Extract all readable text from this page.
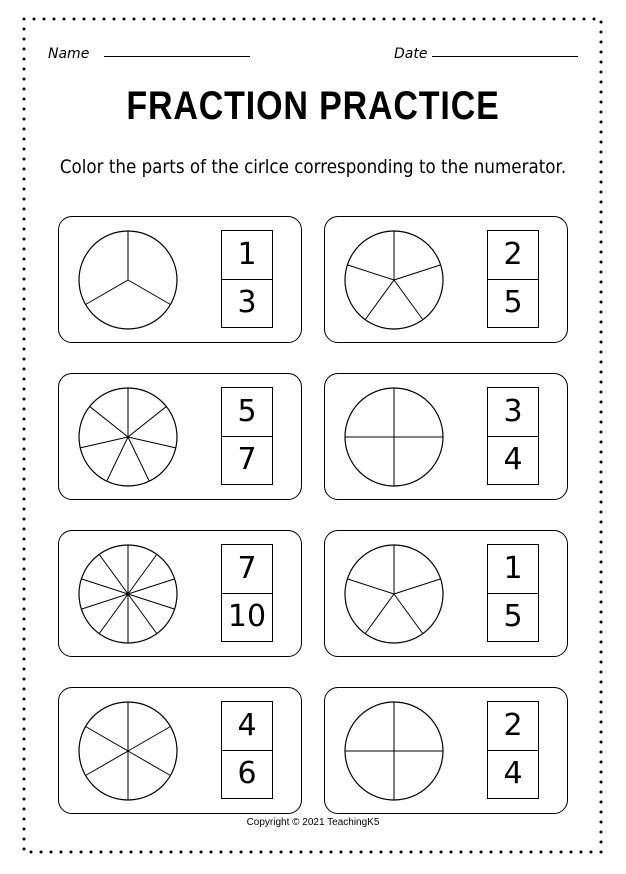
Name	Date
FRACTION PRACTICE
Color the parts of the cirlce corresponding to the numerator.
$\frac{1}{3}$	$\frac{2}{5}$
$\frac{5}{7}$	$\frac{3}{4}$
$\frac{7}{10}$	$\frac{1}{5}$
$\frac{4}{6}$	$\frac{2}{4}$
Copyright © 2021 TeachingK5
